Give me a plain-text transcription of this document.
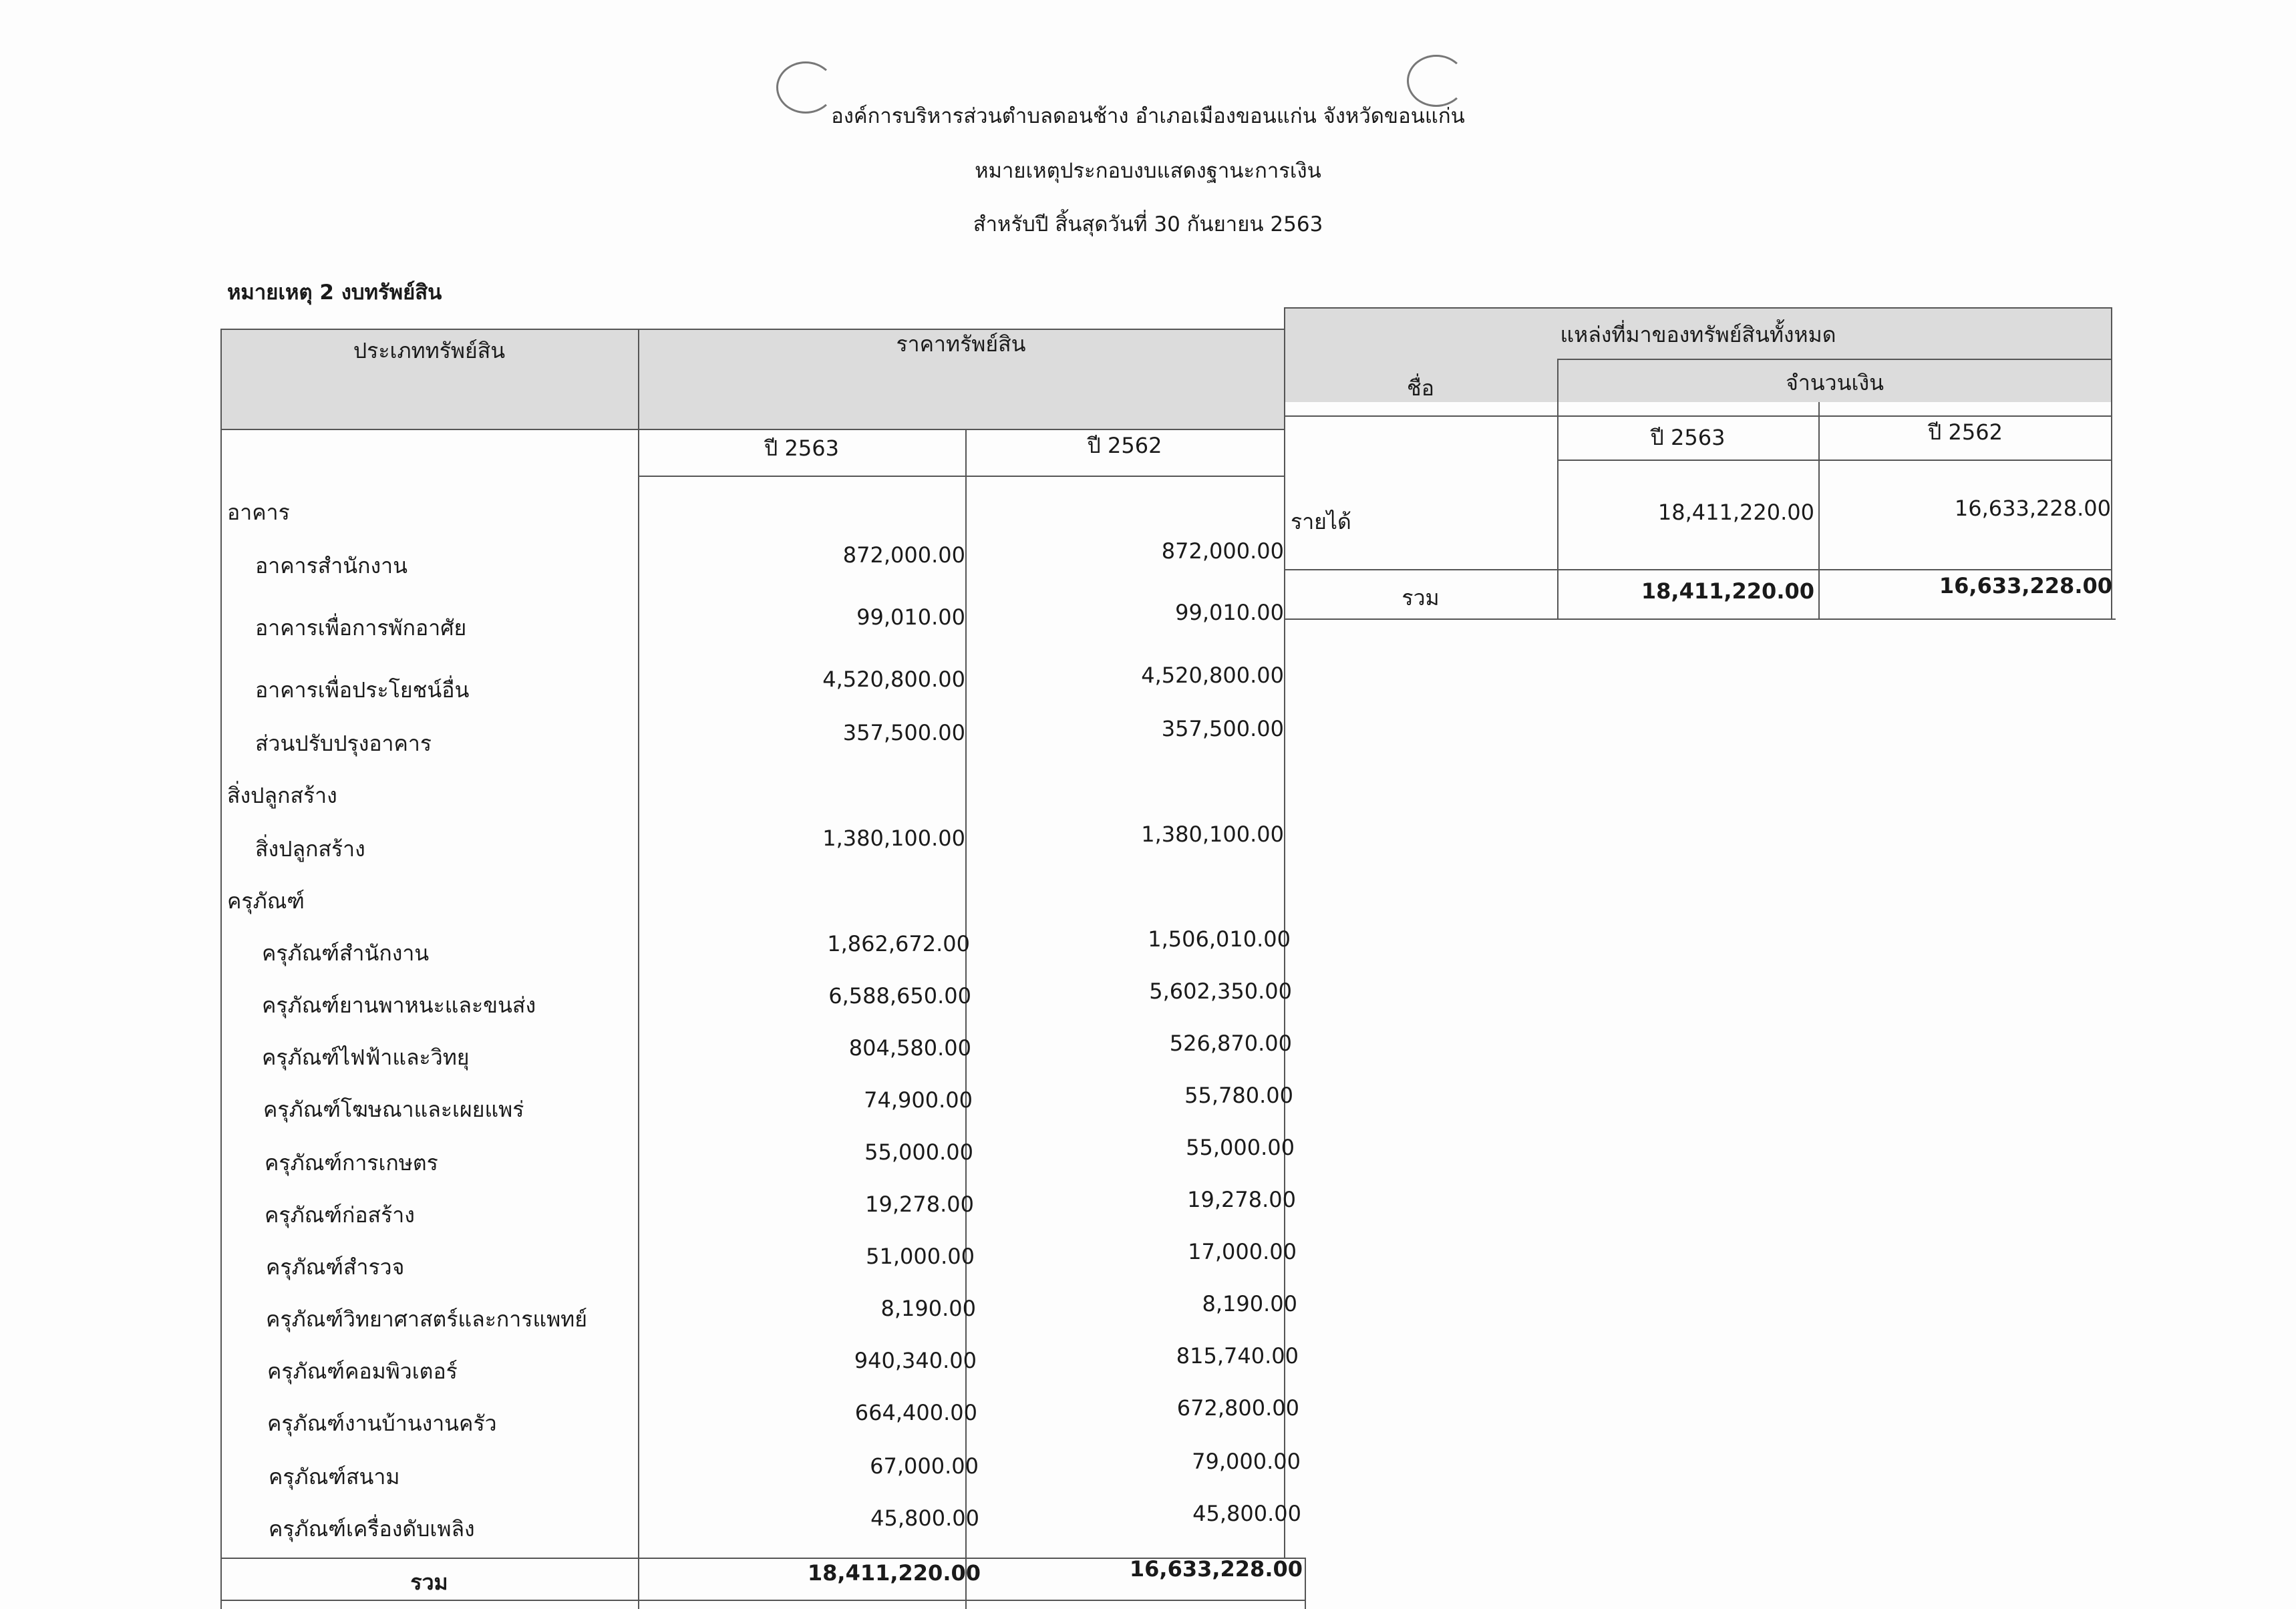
องค์การบริหารส่วนตำบลดอนช้าง อำเภอเมืองขอนแก่น จังหวัดขอนแก่น
หมายเหตุประกอบงบแสดงฐานะการเงิน
สำหรับปี สิ้นสุดวันที่ 30 กันยายน 2563
หมายเหตุ 2 งบทรัพย์สิน
ประเภททรัพย์สิน	ราคาทรัพย์สิน
ปี 2563	ปี 2562
อาคาร
อาคารสำนักงาน	872,000.00	872,000.00
อาคารเพื่อการพักอาศัย	99,010.00	99,010.00
อาคารเพื่อประโยชน์อื่น	4,520,800.00	4,520,800.00
ส่วนปรับปรุงอาคาร	357,500.00	357,500.00
สิ่งปลูกสร้าง
สิ่งปลูกสร้าง	1,380,100.00	1,380,100.00
ครุภัณฑ์
ครุภัณฑ์สำนักงาน	1,862,672.00	1,506,010.00
ครุภัณฑ์ยานพาหนะและขนส่ง	6,588,650.00	5,602,350.00
ครุภัณฑ์ไฟฟ้าและวิทยุ	804,580.00	526,870.00
ครุภัณฑ์โฆษณาและเผยแพร่	74,900.00	55,780.00
ครุภัณฑ์การเกษตร	55,000.00	55,000.00
ครุภัณฑ์ก่อสร้าง	19,278.00	19,278.00
ครุภัณฑ์สำรวจ	51,000.00	17,000.00
ครุภัณฑ์วิทยาศาสตร์และการแพทย์	8,190.00	8,190.00
ครุภัณฑ์คอมพิวเตอร์	940,340.00	815,740.00
ครุภัณฑ์งานบ้านงานครัว	664,400.00	672,800.00
ครุภัณฑ์สนาม	67,000.00	79,000.00
ครุภัณฑ์เครื่องดับเพลิง	45,800.00	45,800.00
รวม	18,411,220.00	16,633,228.00
แหล่งที่มาของทรัพย์สินทั้งหมด
ชื่อ	จำนวนเงิน
ปี 2563	ปี 2562
รายได้	18,411,220.00	16,633,228.00
รวม	18,411,220.00	16,633,228.00
